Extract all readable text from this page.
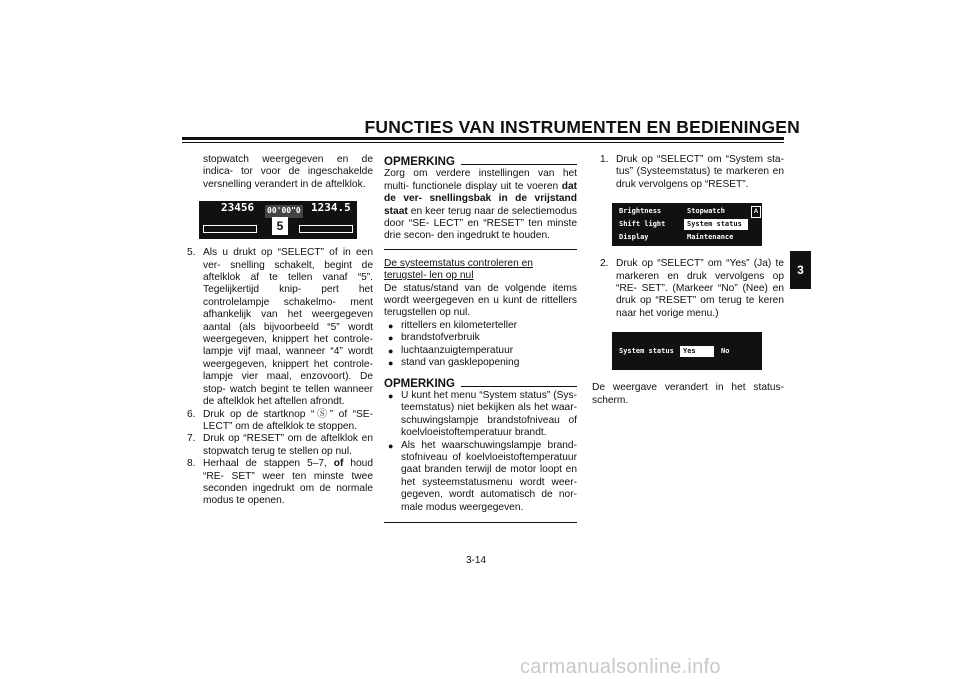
FUNCTIES VAN INSTRUMENTEN EN BEDIENINGEN
3

stopwatch weergegeven en de indica- tor voor de ingeschakelde versnelling verandert in de aftelklok.

23456	1234.5
00'00"0
5
5. Als u drukt op “SELECT” of in een ver- snelling schakelt, begint de aftelklok af te tellen vanaf “5”. Tegelijkertijd knip- pert het controlelampje schakelmo- ment afhankelijk van het weergegeven aantal (als bijvoorbeeld “5” wordt weergegeven, knippert het controle- lampje vijf maal, wanneer “4” wordt weergegeven, knippert het controle- lampje vier maal, enzovoort). De stop- watch begint te tellen wanneer de aftelklok het aftellen afrondt.

6. Druk op de startknop “Ⓢ” of “SE- LECT” om de aftelklok te stoppen.

7. Druk op “RESET” om de aftelklok en stopwatch terug te stellen op nul.

8. Herhaal de stappen 5–7, of houd “RE- SET” weer ten minste twee seconden ingedrukt om de normale modus te openen.

OPMERKING

Zorg om verdere instellingen van het multi- functionele display uit te voeren dat de ver- snellingsbak in de vrijstand staat en keer terug naar de selectiemodus door “SE- LECT” en “RESET” ten minste drie secon- den ingedrukt te houden.

De systeemstatus controleren en terugstel- len op nul

De status/stand van de volgende items wordt weergegeven en u kunt de rittellers terugstellen op nul.

● rittellers en kilometerteller

● brandstofverbruik

● luchtaanzuigtemperatuur

● stand van gasklepopening

OPMERKING
● U kunt het menu “System status” (Sys- teemstatus) niet bekijken als het waar- schuwingslampje brandstofniveau of koelvloeistoftemperatuur brandt.

● Als het waarschuwingslampje brand- stofniveau of koelvloeistoftemperatuur gaat branden terwijl de motor loopt en het systeemstatusmenu wordt weer- gegeven, wordt automatisch de nor- male modus weergegeven.

1. Druk op “SELECT” om “System sta- tus” (Systeemstatus) te markeren en druk vervolgens op “RESET”.

Brightness	Stopwatch
Shift light	System status
Display	Maintenance
A
2. Druk op “SELECT” om “Yes” (Ja) te markeren en druk vervolgens op “RE- SET”. (Markeer “No” (Nee) en druk op “RESET” om terug te keren naar het vorige menu.)

System status	Yes	No

De weergave verandert in het status- scherm.

3-14
carmanualsonline.info
